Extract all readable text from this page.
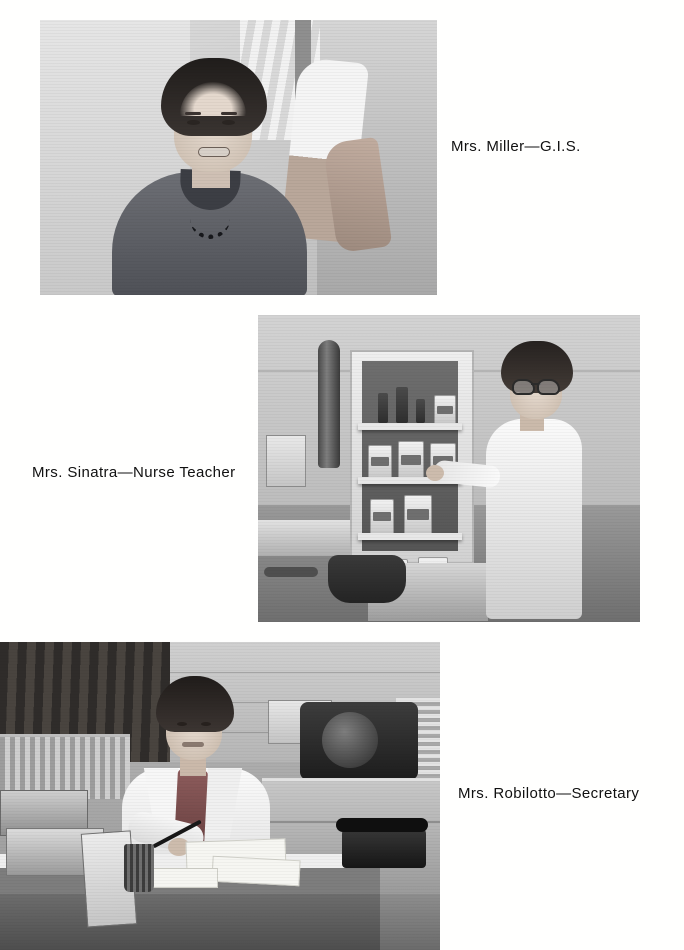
Mrs. Miller—G.I.S.
Mrs. Sinatra—Nurse Teacher
Mrs. Robilotto—Secretary
